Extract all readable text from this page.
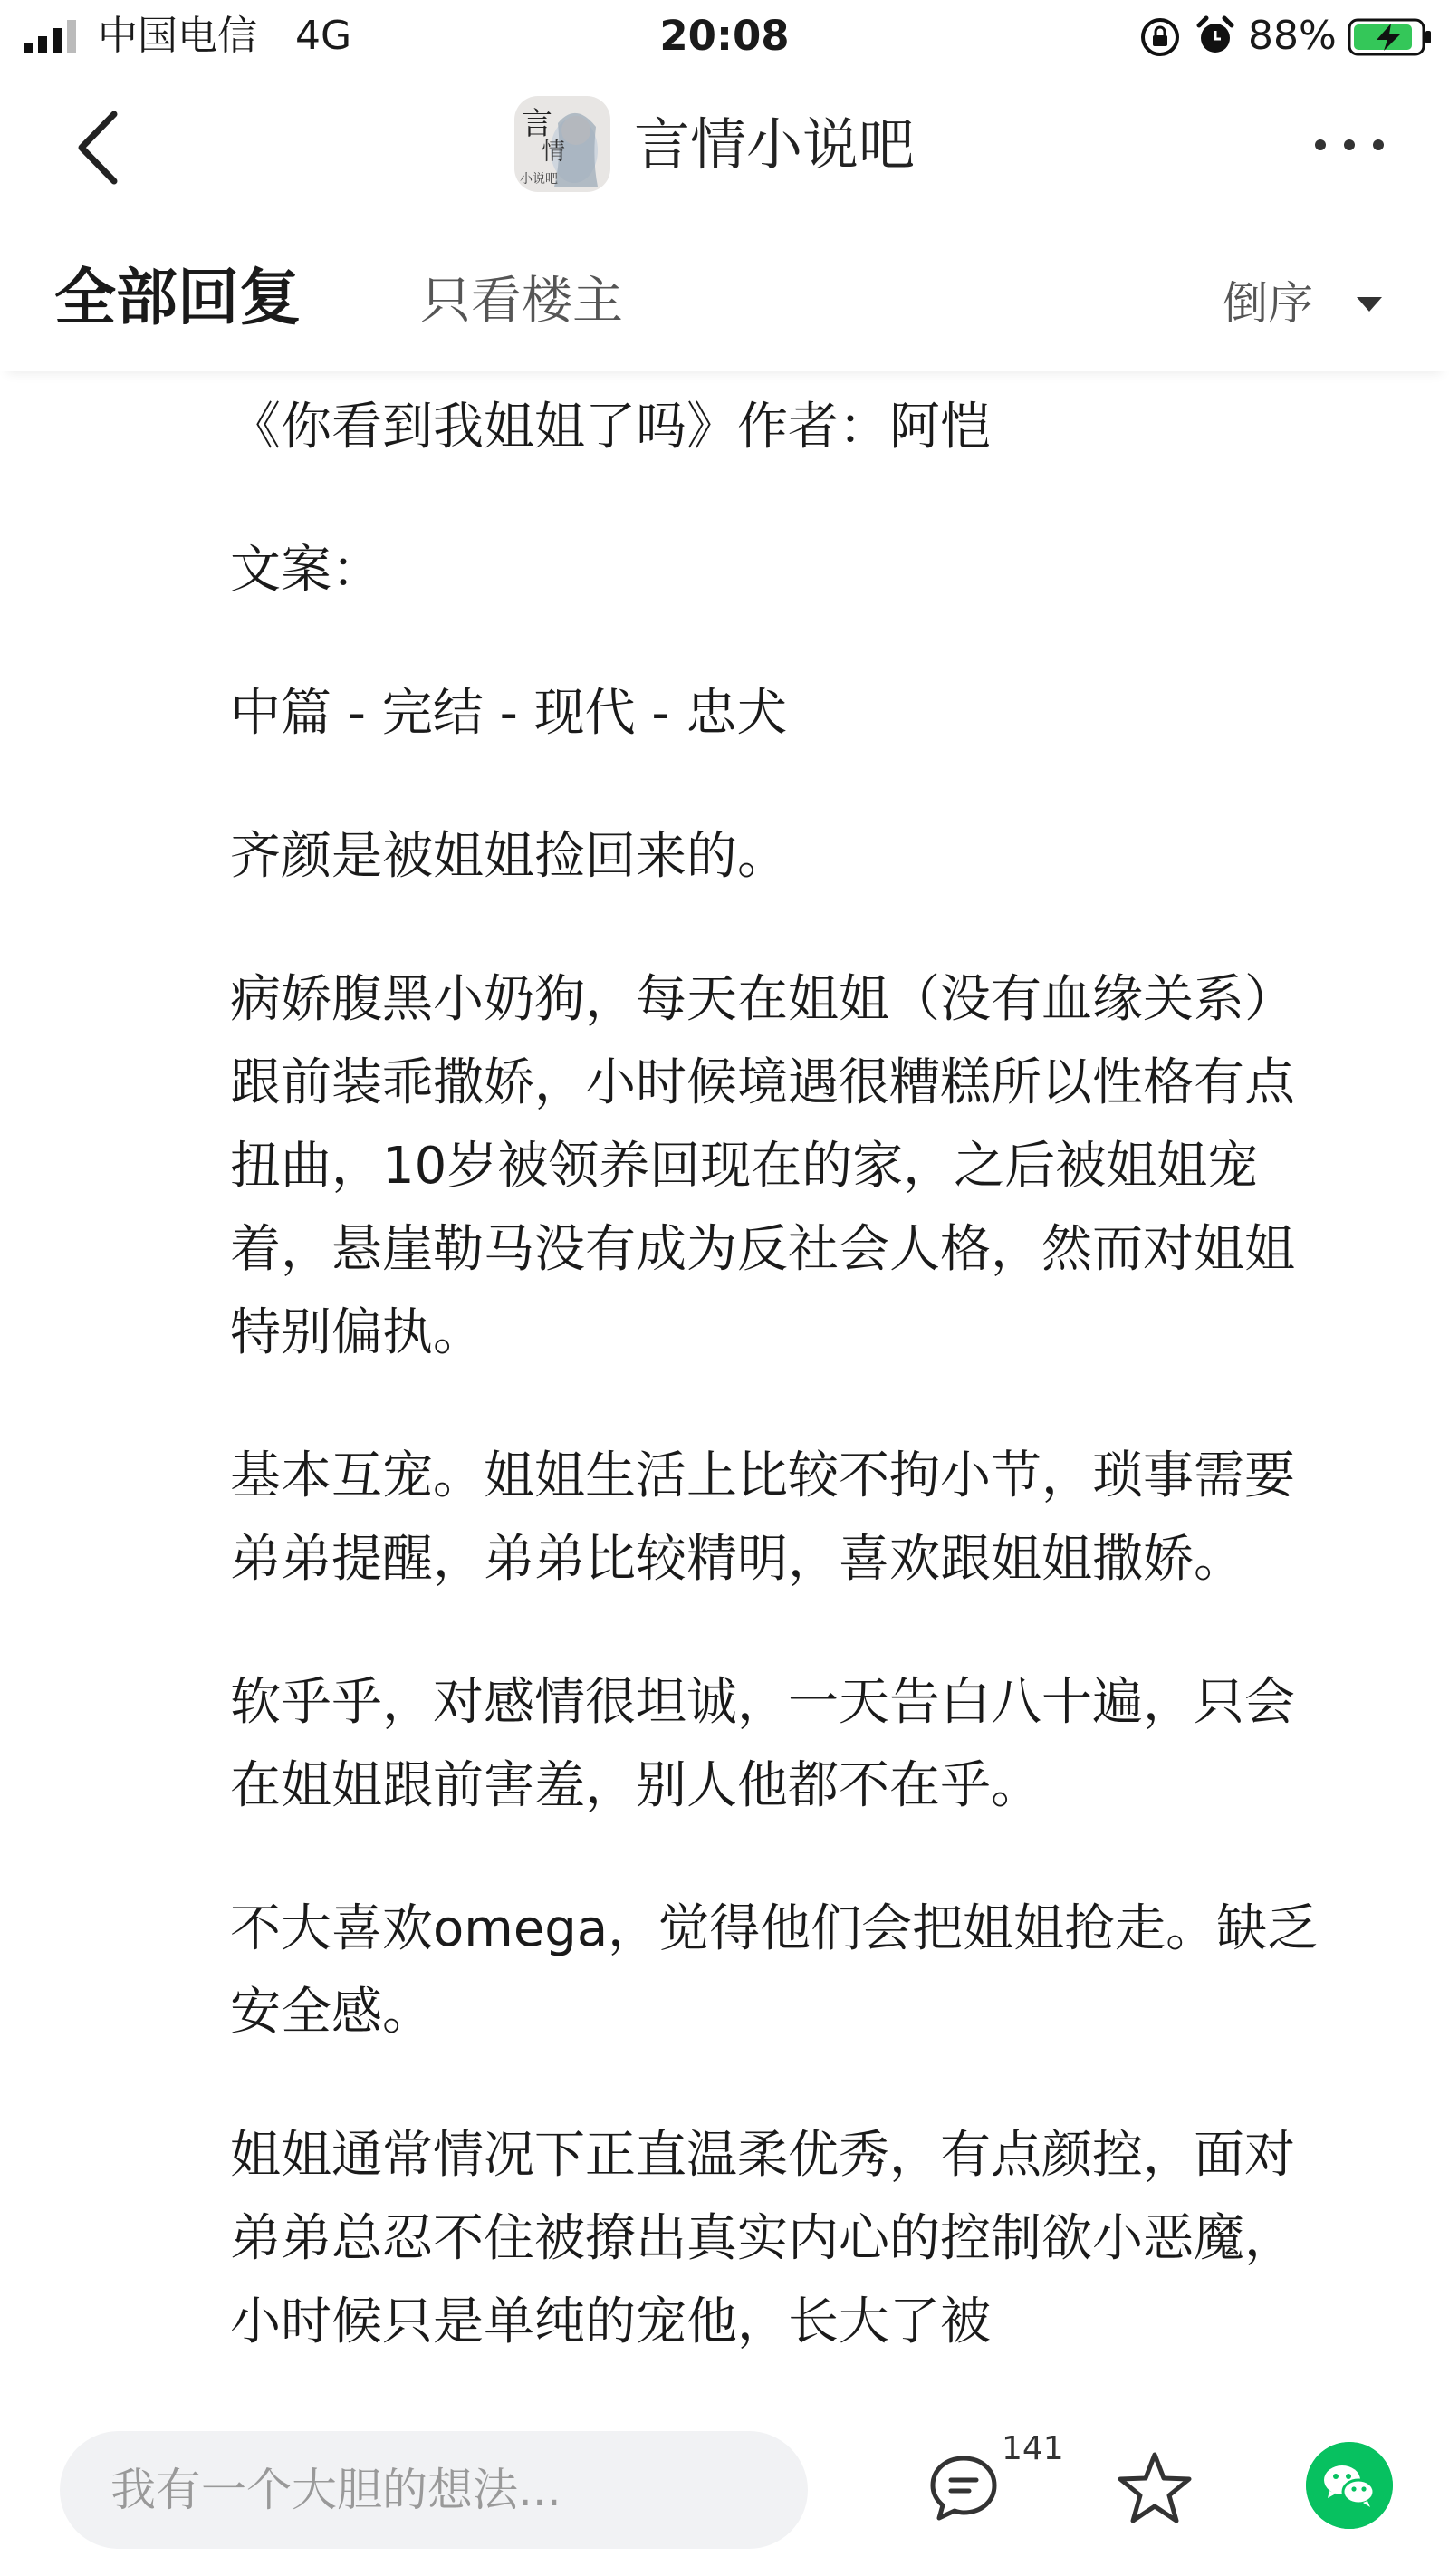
中国电信 4G	20:08	88%
言
情
小说吧
言情小说吧
全部回复 只看楼主	倒序

《你看到我姐姐了吗》作者：阿恺

文案：

中篇 - 完结 - 现代 - 忠犬

齐颜是被姐姐捡回来的。

病娇腹黑小奶狗，每天在姐姐（没有血缘关系）跟前装乖撒娇，小时候境遇很糟糕所以性格有点扭曲，10岁被领养回现在的家，之后被姐姐宠着，悬崖勒马没有成为反社会人格，然而对姐姐特别偏执。

基本互宠。姐姐生活上比较不拘小节，琐事需要弟弟提醒，弟弟比较精明，喜欢跟姐姐撒娇。

软乎乎，对感情很坦诚，一天告白八十遍，只会在姐姐跟前害羞，别人他都不在乎。

不大喜欢omega，觉得他们会把姐姐抢走。缺乏安全感。

姐姐通常情况下正直温柔优秀，有点颜控，面对弟弟总忍不住被撩出真实内心的控制欲小恶魔，小时候只是单纯的宠他，长大了被

我有一个大胆的想法...
141
